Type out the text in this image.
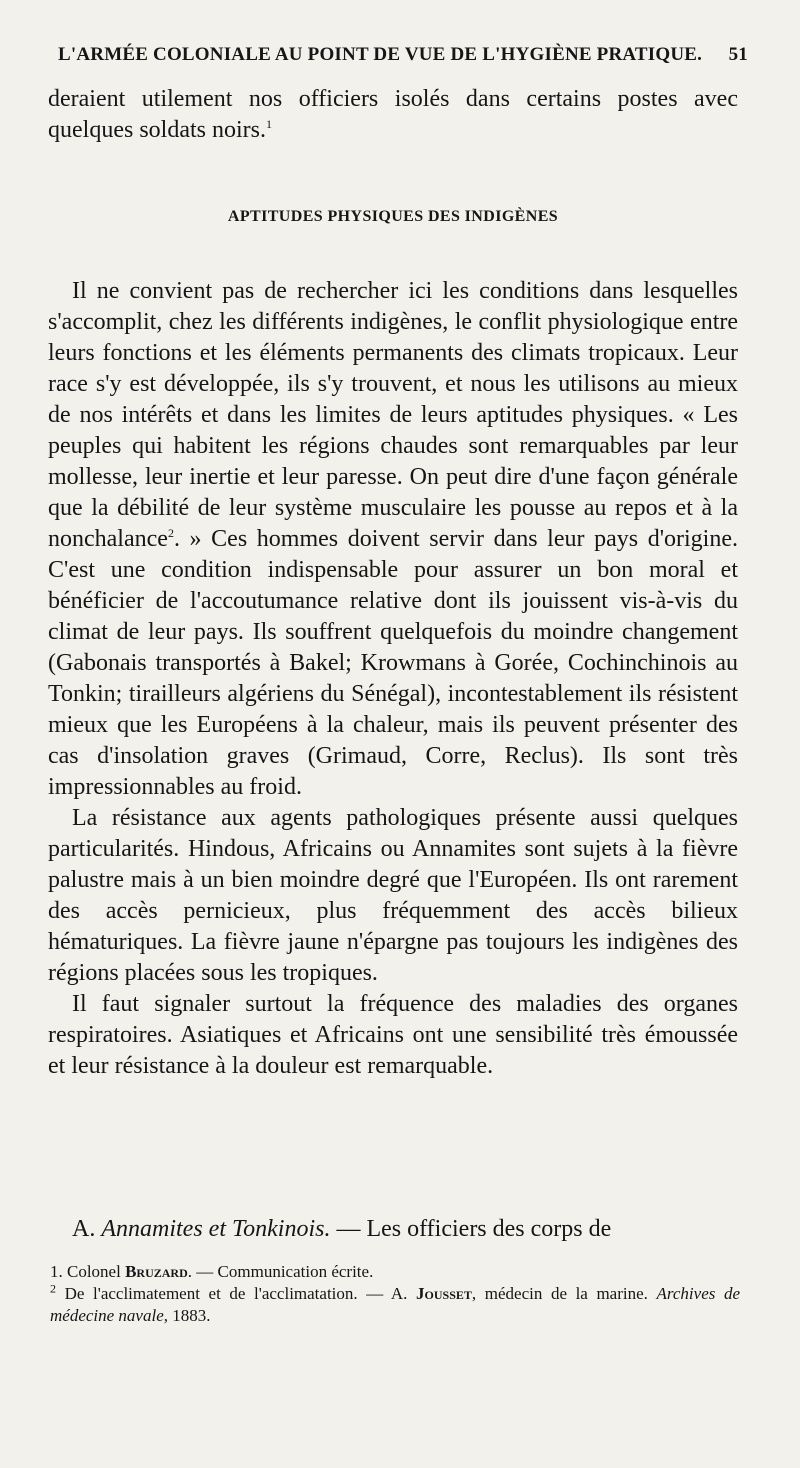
L'ARMÉE COLONIALE AU POINT DE VUE DE L'HYGIÈNE PRATIQUE. 51

deraient utilement nos officiers isolés dans certains postes avec quelques soldats noirs.$^1$

APTITUDES PHYSIQUES DES INDIGÈNES

Il ne convient pas de rechercher ici les conditions dans lesquelles s'accomplit, chez les différents indigènes, le conflit physiologique entre leurs fonctions et les éléments permanents des climats tropicaux. Leur race s'y est développée, ils s'y trouvent, et nous les utilisons au mieux de nos intérêts et dans les limites de leurs aptitudes physiques. « Les peuples qui habitent les régions chaudes sont remarquables par leur mollesse, leur inertie et leur paresse. On peut dire d'une façon générale que la débilité de leur système musculaire les pousse au repos et à la nonchalance$^2$. » Ces hommes doivent servir dans leur pays d'origine. C'est une condition indispensable pour assurer un bon moral et bénéficier de l'accoutumance relative dont ils jouissent vis-à-vis du climat de leur pays. Ils souffrent quelquefois du moindre changement (Gabonais transportés à Bakel; Krowmans à Gorée, Cochinchinois au Tonkin; tirailleurs algériens du Sénégal), incontestablement ils résistent mieux que les Européens à la chaleur, mais ils peuvent présenter des cas d'insolation graves (Grimaud, Corre, Reclus). Ils sont très impressionnables au froid.

La résistance aux agents pathologiques présente aussi quelques particularités. Hindous, Africains ou Annamites sont sujets à la fièvre palustre mais à un bien moindre degré que l'Européen. Ils ont rarement des accès pernicieux, plus fréquemment des accès bilieux hématuriques. La fièvre jaune n'épargne pas toujours les indigènes des régions placées sous les tropiques.

Il faut signaler surtout la fréquence des maladies des organes respiratoires. Asiatiques et Africains ont une sensibilité très émoussée et leur résistance à la douleur est remarquable.

A. Annamites et Tonkinois. — Les officiers des corps de

1. Colonel Bruzard. — Communication écrite.

$^2$ De l'acclimatement et de l'acclimatation. — A. Jousset, médecin de la marine. Archives de médecine navale, 1883.
